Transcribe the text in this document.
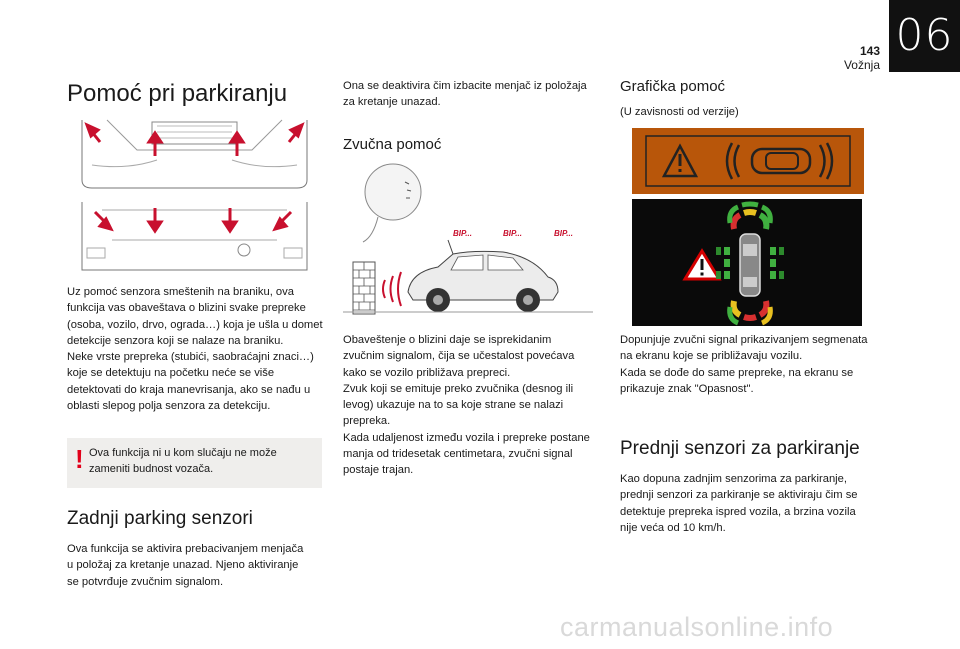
06
143
Vožnja
Pomoć pri parkiranju

Uz pomoć senzora smeštenih na braniku, ova funkcija vas obaveštava o blizini svake prepreke (osoba, vozilo, drvo, ograda…) koja je ušla u domet detekcije senzora koji se nalaze na braniku.

Neke vrste prepreka (stubići, saobraćajni znaci…) koje se detektuju na početku neće se više detektovati do kraja manevrisanja, ako se nađu u oblasti slepog polja senzora za detekciju.

! Ova funkcija ni u kom slučaju ne može zameniti budnost vozača.
Zadnji parking senzori

Ova funkcija se aktivira prebacivanjem menjača u položaj za kretanje unazad. Njeno aktiviranje se potvrđuje zvučnim signalom.

Ona se deaktivira čim izbacite menjač iz položaja za kretanje unazad.

Zvučna pomoć
BIP...	BIP...	BIP...

Obaveštenje o blizini daje se isprekidanim zvučnim signalom, čija se učestalost povećava kako se vozilo približava prepreci.

Zvuk koji se emituje preko zvučnika (desnog ili levog) ukazuje na to sa koje strane se nalazi prepreka.

Kada udaljenost između vozila i prepreke postane manja od tridesetak centimetara, zvučni signal postaje trajan.

Grafička pomoć

(U zavisnosti od verzije)

Dopunjuje zvučni signal prikazivanjem segmenata na ekranu koje se približavaju vozilu.

Kada se dođe do same prepreke, na ekranu se prikazuje znak "Opasnost".

Prednji senzori za parkiranje

Kao dopuna zadnjim senzorima za parkiranje, prednji senzori za parkiranje se aktiviraju čim se detektuje prepreka ispred vozila, a brzina vozila nije veća od 10 km/h.

carmanualsonline.info
